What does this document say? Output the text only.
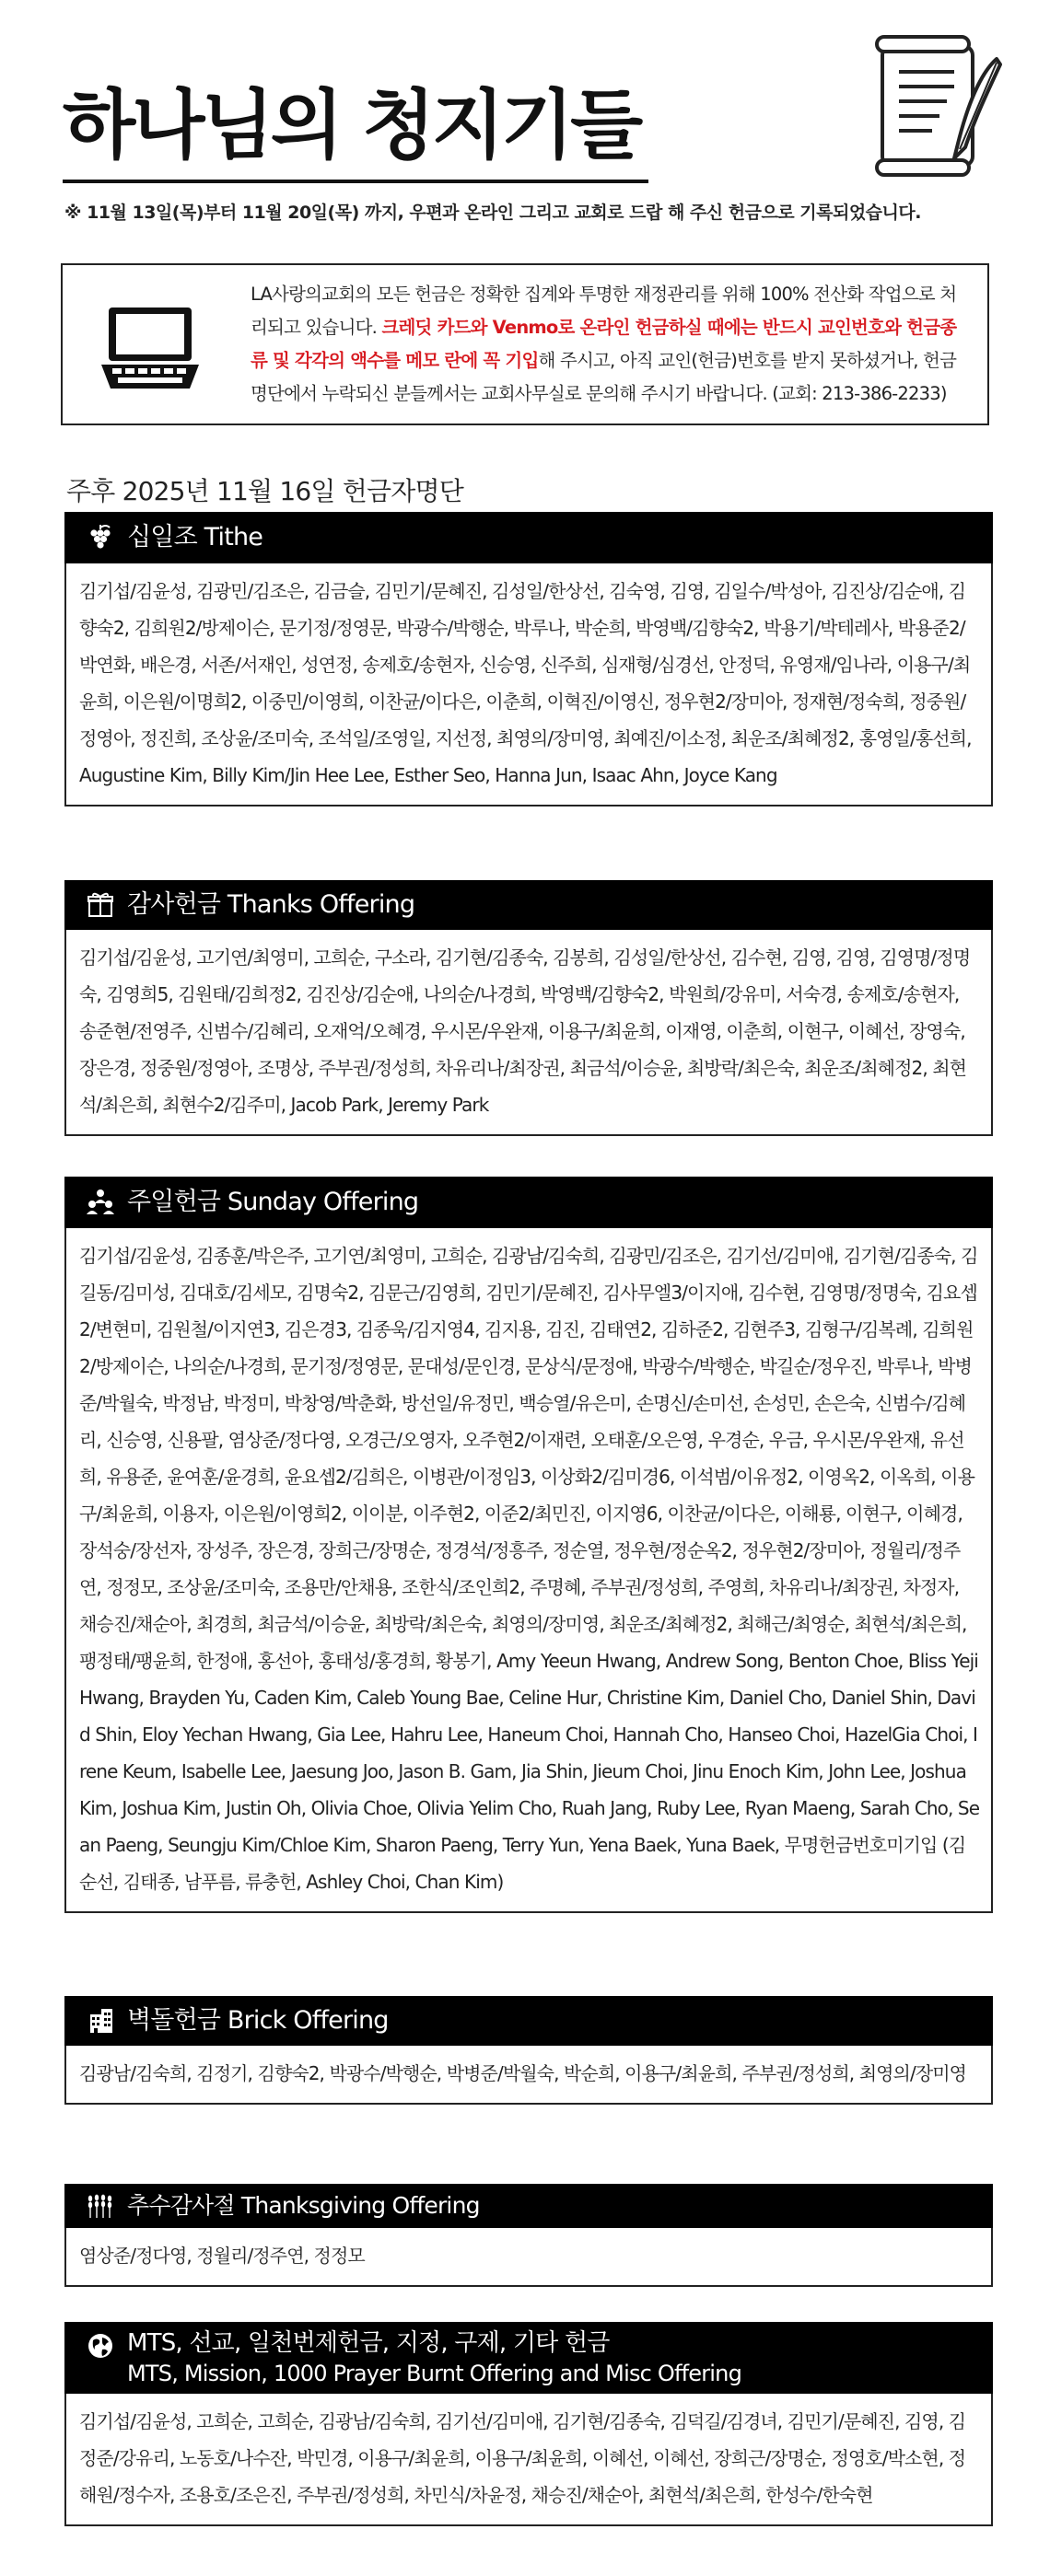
하나님의 청지기들
※ 11월 13일(목)부터 11월 20일(목) 까지, 우편과 온라인 그리고 교회로 드랍 해 주신 헌금으로 기록되었습니다.
LA사랑의교회의 모든 헌금은 정확한 집계와 투명한 재정관리를 위해 100% 전산화 작업으로 처리되고 있습니다. 크레딧 카드와 Venmo로 온라인 헌금하실 때에는 반드시 교인번호와 헌금종류 및 각각의 액수를 메모 란에 꼭 기입해 주시고, 아직 교인(헌금)번호를 받지 못하셨거나, 헌금 명단에서 누락되신 분들께서는 교회사무실로 문의해 주시기 바랍니다. (교회: 213-386-2233)
주후 2025년 11월 16일 헌금자명단
십일조 Tithe
김기섭/김윤성, 김광민/김조은, 김금슬, 김민기/문혜진, 김성일/한상선, 김숙영, 김영, 김일수/박성아, 김진상/김순애, 김향숙2, 김희원2/방제이슨, 문기정/정영문, 박광수/박행순, 박루나, 박순희, 박영백/김향숙2, 박용기/박테레사, 박용준2/박연화, 배은경, 서존/서재인, 성연정, 송제호/송현자, 신승영, 신주희, 심재형/심경선, 안정덕, 유영재/임나라, 이용구/최윤희, 이은원/이명희2, 이중민/이영희, 이찬균/이다은, 이춘희, 이혁진/이영신, 정우현2/장미아, 정재현/정숙희, 정중원/정영아, 정진희, 조상윤/조미숙, 조석일/조영일, 지선정, 최영의/장미영, 최예진/이소정, 최운조/최혜정2, 홍영일/홍선희, Augustine Kim, Billy Kim/Jin Hee Lee, Esther Seo, Hanna Jun, Isaac Ahn, Joyce Kang
감사헌금 Thanks Offering
김기섭/김윤성, 고기연/최영미, 고희순, 구소라, 김기현/김종숙, 김봉희, 김성일/한상선, 김수현, 김영, 김영, 김영명/정명숙, 김영희5, 김원태/김희정2, 김진상/김순애, 나의순/나경희, 박영백/김향숙2, 박원희/강유미, 서숙경, 송제호/송현자, 송준현/전영주, 신범수/김혜리, 오재억/오혜경, 우시몬/우완재, 이용구/최윤희, 이재영, 이춘희, 이현구, 이혜선, 장영숙, 장은경, 정중원/정영아, 조명상, 주부권/정성희, 차유리나/최장권, 최금석/이승윤, 최방락/최은숙, 최운조/최혜정2, 최현석/최은희, 최현수2/김주미, Jacob Park, Jeremy Park
주일헌금 Sunday Offering
김기섭/김윤성, 김종훈/박은주, 고기연/최영미, 고희순, 김광남/김숙희, 김광민/김조은, 김기선/김미애, 김기현/김종숙, 김길동/김미성, 김대호/김세모, 김명숙2, 김문근/김영희, 김민기/문혜진, 김사무엘3/이지애, 김수현, 김영명/정명숙, 김요셉2/변현미, 김원철/이지연3, 김은경3, 김종욱/김지영4, 김지용, 김진, 김태연2, 김하준2, 김현주3, 김형구/김복례, 김희원2/방제이슨, 나의순/나경희, 문기정/정영문, 문대성/문인경, 문상식/문정애, 박광수/박행순, 박길순/정우진, 박루나, 박병준/박월숙, 박정남, 박정미, 박창영/박춘화, 방선일/유정민, 백승열/유은미, 손명신/손미선, 손성민, 손은숙, 신범수/김혜리, 신승영, 신용팔, 염상준/정다영, 오경근/오영자, 오주현2/이재련, 오태훈/오은영, 우경순, 우금, 우시몬/우완재, 유선희, 유용준, 윤여훈/윤경희, 윤요셉2/김희은, 이병관/이정임3, 이상화2/김미경6, 이석범/이유정2, 이영옥2, 이옥희, 이용구/최윤희, 이용자, 이은원/이영희2, 이이분, 이주현2, 이준2/최민진, 이지영6, 이찬균/이다은, 이해룡, 이현구, 이혜경, 장석숭/장선자, 장성주, 장은경, 장희근/장명순, 정경석/정흥주, 정순열, 정우현/정순옥2, 정우현2/장미아, 정월리/정주연, 정정모, 조상윤/조미숙, 조용만/안채용, 조한식/조인희2, 주명혜, 주부권/정성희, 주영희, 차유리나/최장권, 차정자, 채승진/채순아, 최경희, 최금석/이승윤, 최방락/최은숙, 최영의/장미영, 최운조/최혜정2, 최해근/최영순, 최현석/최은희, 팽정태/팽윤희, 한정애, 홍선아, 홍태성/홍경희, 황봉기, Amy Yeeun Hwang, Andrew Song, Benton Choe, Bliss Yeji Hwang, Brayden Yu, Caden Kim, Caleb Young Bae, Celine Hur, Christine Kim, Daniel Cho, Daniel Shin, David Shin, Eloy Yechan Hwang, Gia Lee, Hahru Lee, Haneum Choi, Hannah Cho, Hanseo Choi, HazelGia Choi, Irene Keum, Isabelle Lee, Jaesung Joo, Jason B. Gam, Jia Shin, Jieum Choi, Jinu Enoch Kim, John Lee, Joshua Kim, Joshua Kim, Justin Oh, Olivia Choe, Olivia Yelim Cho, Ruah Jang, Ruby Lee, Ryan Maeng, Sarah Cho, Sean Paeng, Seungju Kim/Chloe Kim, Sharon Paeng, Terry Yun, Yena Baek, Yuna Baek, 무명헌금번호미기입 (김순선, 김태종, 남푸름, 류충헌, Ashley Choi, Chan Kim)
벽돌헌금 Brick Offering
김광남/김숙희, 김정기, 김향숙2, 박광수/박행순, 박병준/박월숙, 박순희, 이용구/최윤희, 주부권/정성희, 최영의/장미영
추수감사절 Thanksgiving Offering
염상준/정다영, 정월리/정주연, 정정모
MTS, 선교, 일천번제헌금, 지정, 구제, 기타 헌금
MTS, Mission, 1000 Prayer Burnt Offering and Misc Offering
김기섭/김윤성, 고희순, 고희순, 김광남/김숙희, 김기선/김미애, 김기현/김종숙, 김덕길/김경녀, 김민기/문혜진, 김영, 김정준/강유리, 노동호/나수잔, 박민경, 이용구/최윤희, 이용구/최윤희, 이혜선, 이혜선, 장희근/장명순, 정영호/박소현, 정해원/정수자, 조용호/조은진, 주부권/정성희, 차민식/차윤정, 채승진/채순아, 최현석/최은희, 한성수/한숙현
